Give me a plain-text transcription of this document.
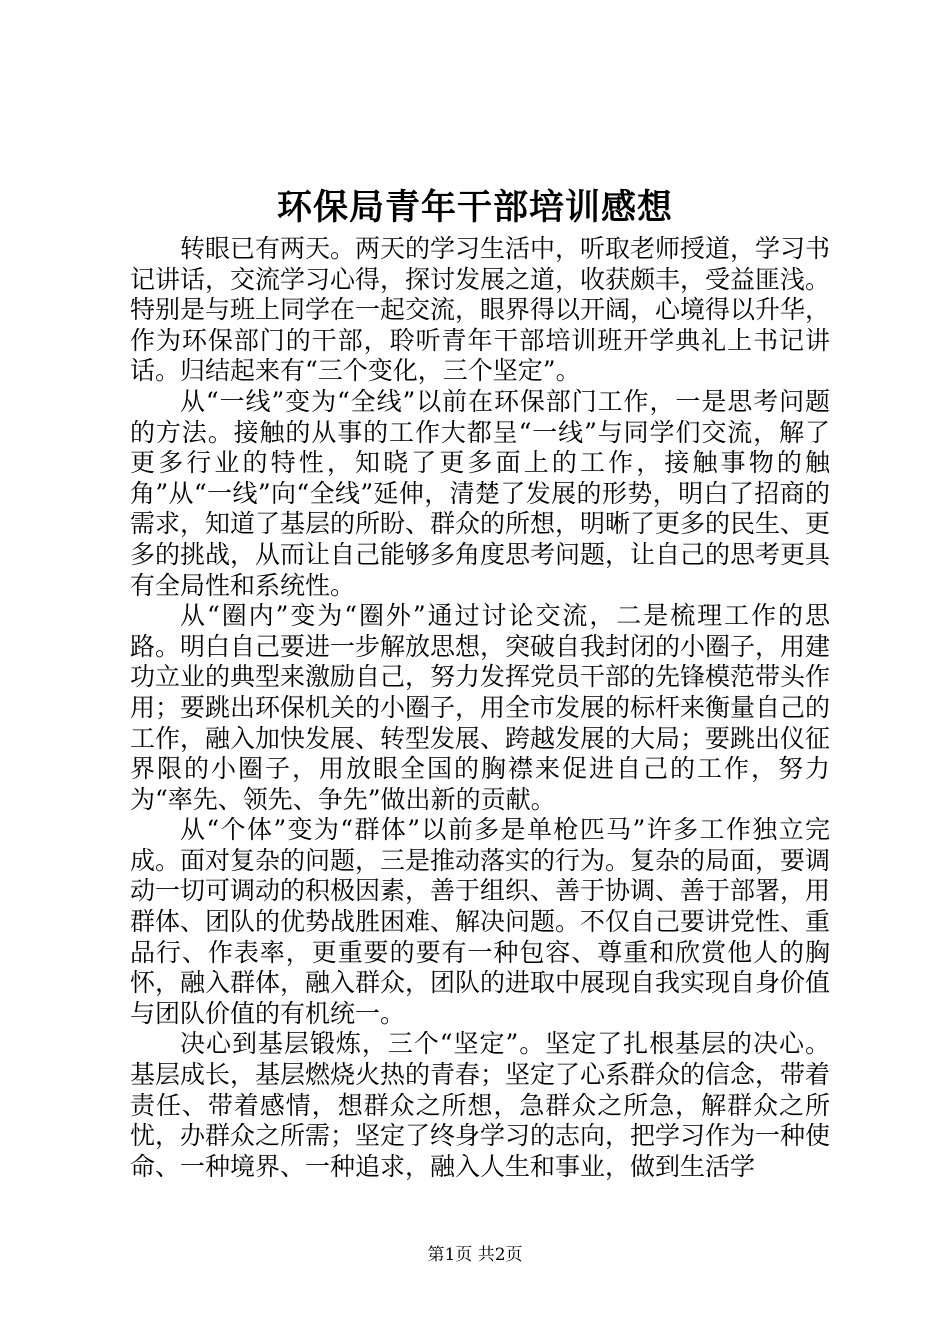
环保局青年干部培训感想

转眼已有两天。两天的学习生活中，听取老师授道，学习书记讲话，交流学习心得，探讨发展之道，收获颇丰，受益匪浅。特别是与班上同学在一起交流，眼界得以开阔，心境得以升华，作为环保部门的干部，聆听青年干部培训班开学典礼上书记讲话。归结起来有“三个变化，三个坚定”。

从“一线”变为“全线”以前在环保部门工作，一是思考问题的方法。接触的从事的工作大都呈“一线”与同学们交流，解了更多行业的特性，知晓了更多面上的工作，接触事物的触角”从“一线”向“全线”延伸，清楚了发展的形势，明白了招商的需求，知道了基层的所盼、群众的所想，明晰了更多的民生、更多的挑战，从而让自己能够多角度思考问题，让自己的思考更具有全局性和系统性。

从“圈内”变为“圈外”通过讨论交流，二是梳理工作的思路。明白自己要进一步解放思想，突破自我封闭的小圈子，用建功立业的典型来激励自己，努力发挥党员干部的先锋模范带头作用；要跳出环保机关的小圈子，用全市发展的标杆来衡量自己的工作，融入加快发展、转型发展、跨越发展的大局；要跳出仪征界限的小圈子，用放眼全国的胸襟来促进自己的工作，努力为“率先、领先、争先”做出新的贡献。

从“个体”变为“群体”以前多是单枪匹马”许多工作独立完成。面对复杂的问题，三是推动落实的行为。复杂的局面，要调动一切可调动的积极因素，善于组织、善于协调、善于部署，用群体、团队的优势战胜困难、解决问题。不仅自己要讲党性、重品行、作表率，更重要的要有一种包容、尊重和欣赏他人的胸怀，融入群体，融入群众，团队的进取中展现自我实现自身价值与团队价值的有机统一。

决心到基层锻炼，三个“坚定”。坚定了扎根基层的决心。基层成长，基层燃烧火热的青春；坚定了心系群众的信念，带着责任、带着感情，想群众之所想，急群众之所急，解群众之所忧，办群众之所需；坚定了终身学习的志向，把学习作为一种使命、一种境界、一种追求，融入人生和事业，做到生活学

第1页 共2页
